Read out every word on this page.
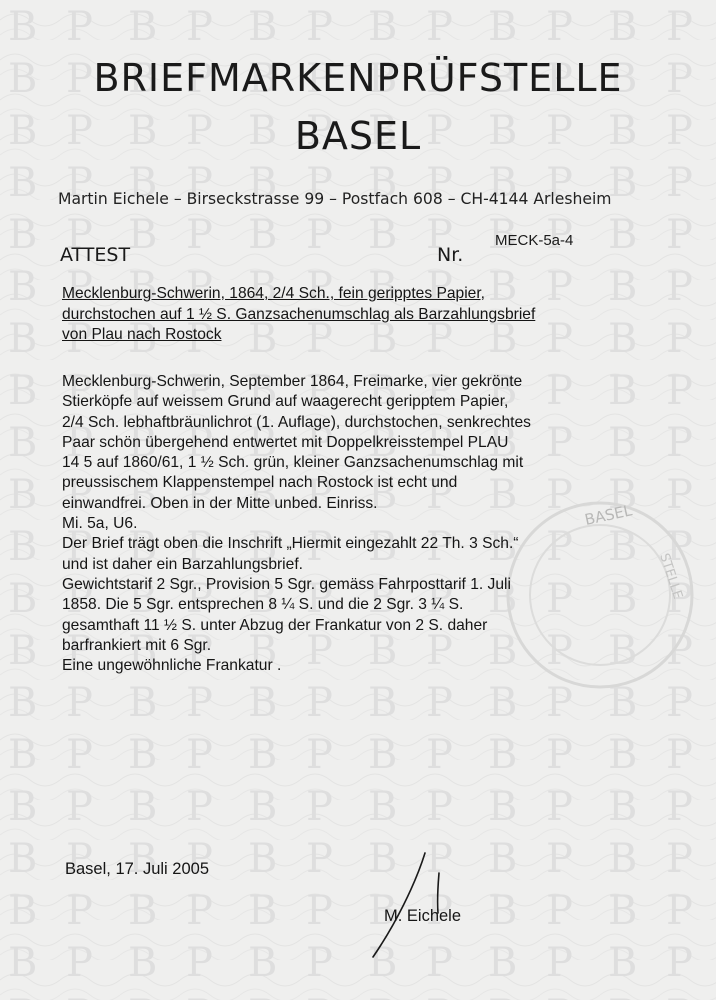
BRIEFMARKENPRÜFSTELLE
BASEL
Martin Eichele – Birseckstrasse 99 – Postfach 608 – CH-4144 Arlesheim
ATTEST	Nr.
MECK-5a-4
Mecklenburg-Schwerin, 1864, 2/4 Sch., fein geripptes Papier,
durchstochen auf 1 ½ S. Ganzsachenumschlag als Barzahlungsbrief
von Plau nach Rostock
BASEL
STELLE
Mecklenburg-Schwerin, September 1864, Freimarke, vier gekrönte
Stierköpfe auf weissem Grund auf waagerecht geripptem Papier,
2/4 Sch. lebhaftbräunlichrot (1. Auflage), durchstochen, senkrechtes
Paar schön übergehend entwertet mit Doppelkreisstempel PLAU
14 5 auf 1860/61, 1 ½ Sch. grün, kleiner Ganzsachenumschlag mit
preussischem Klappenstempel nach Rostock ist echt und
einwandfrei. Oben in der Mitte unbed. Einriss.
Mi. 5a, U6.
Der Brief trägt oben die Inschrift „Hiermit eingezahlt 22 Th. 3 Sch.“
und ist daher ein Barzahlungsbrief.
Gewichtstarif 2 Sgr., Provision 5 Sgr. gemäss Fahrposttarif 1. Juli
1858. Die 5 Sgr. entsprechen 8 ¼ S. und die 2 Sgr. 3 ¼ S.
gesamthaft 11 ½ S. unter Abzug der Frankatur von 2 S. daher
barfrankiert mit 6 Sgr.
Eine ungewöhnliche Frankatur .
Basel, 17. Juli 2005
M. Eichele
